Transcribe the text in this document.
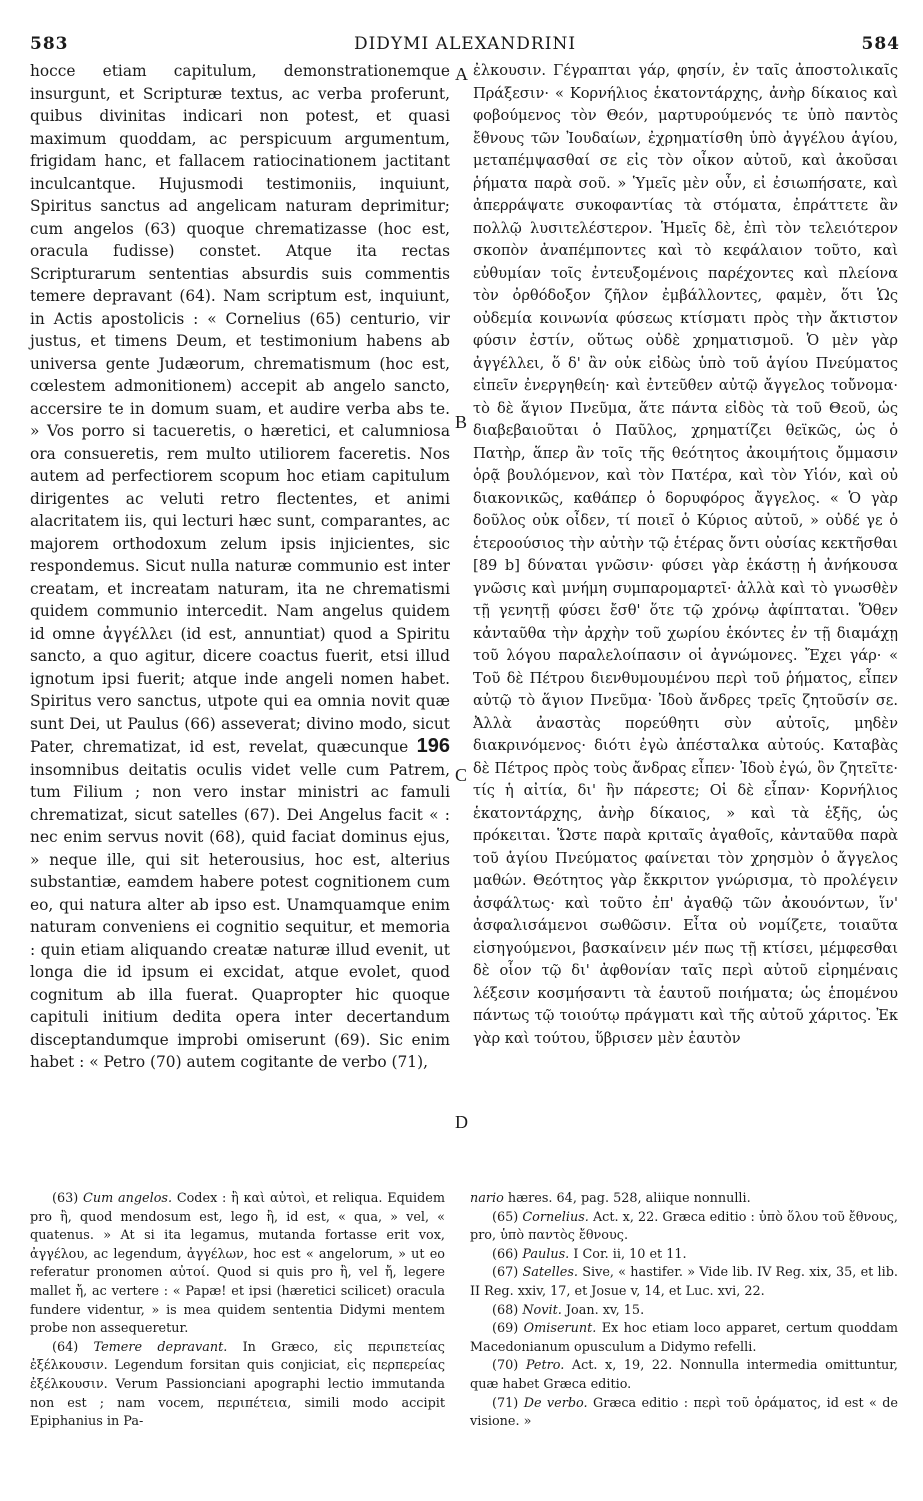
583	DIDYMI ALEXANDRINI	584

hocce etiam capitulum, demonstrationemque insurgunt, et Scripturæ textus, ac verba proferunt, quibus divinitas indicari non potest, et quasi maximum quoddam, ac perspicuum argumentum, frigidam hanc, et fallacem ratiocinationem jactitant inculcantque. Hujusmodi testimoniis, inquiunt, Spiritus sanctus ad angelicam naturam deprimitur; cum angelos (63) quoque chrematizasse (hoc est, oracula fudisse) constet. Atque ita rectas Scripturarum sententias absurdis suis commentis temere depravant (64). Nam scriptum est, inquiunt, in Actis apostolicis : « Cornelius (65) centurio, vir justus, et timens Deum, et testimonium habens ab universa gente Judæorum, chrematismum (hoc est, cœlestem admonitionem) accepit ab angelo sancto, accersire te in domum suam, et audire verba abs te. » Vos porro si tacueretis, o hæretici, et calumniosa ora consueretis, rem multo utiliorem faceretis. Nos autem ad perfectiorem scopum hoc etiam capitulum dirigentes ac veluti retro flectentes, et animi alacritatem iis, qui lecturi hæc sunt, comparantes, ac majorem orthodoxum zelum ipsis injicientes, sic respondemus. Sicut nulla naturæ communio est inter creatam, et increatam naturam, ita ne chrematismi quidem communio intercedit. Nam angelus quidem id omne ἀγγέλλει (id est, annuntiat) quod a Spiritu sancto, a quo agitur, dicere coactus fuerit, etsi illud ignotum ipsi fuerit; atque inde angeli nomen habet. Spiritus vero sanctus, utpote qui ea omnia novit quæ sunt Dei, ut Paulus (66) asseverat; divino modo, sicut Pater, chrematizat, id est, revelat, quæcunque 196 insomnibus deitatis oculis videt velle cum Patrem, tum Filium ; non vero instar ministri ac famuli chrematizat, sicut satelles (67). Dei Angelus facit « : nec enim servus novit (68), quid faciat dominus ejus, » neque ille, qui sit heterousius, hoc est, alterius substantiæ, eamdem habere potest cognitionem cum eo, qui natura alter ab ipso est. Unamquamque enim naturam conveniens ei cognitio sequitur, et memoria : quin etiam aliquando creatæ naturæ illud evenit, ut longa die id ipsum ei excidat, atque evolet, quod cognitum ab illa fuerat. Quapropter hic quoque capituli initium dedita opera inter decertandum disceptandumque improbi omiserunt (69). Sic enim habet : « Petro (70) autem cogitante de verbo (71),

A
B
C
D

ἐλκουσιν. Γέγραπται γάρ, φησίν, ἐν ταῖς ἀποστολικαῖς Πράξεσιν· « Κορνήλιος ἑκατοντάρχης, ἀνὴρ δίκαιος καὶ φοβούμενος τὸν Θεόν, μαρτυρούμενός τε ὑπὸ παντὸς ἔθνους τῶν Ἰουδαίων, ἐχρηματίσθη ὑπὸ ἀγγέλου ἁγίου, μεταπέμψασθαί σε εἰς τὸν οἶκον αὐτοῦ, καὶ ἀκοῦσαι ῥήματα παρὰ σοῦ. » Ὑμεῖς μὲν οὖν, εἰ ἐσιωπήσατε, καὶ ἀπερράψατε συκοφαντίας τὰ στόματα, ἐπράττετε ἂν πολλῷ λυσιτελέστερον. Ἡμεῖς δὲ, ἐπὶ τὸν τελειότερον σκοπὸν ἀναπέμποντες καὶ τὸ κεφάλαιον τοῦτο, καὶ εὐθυμίαν τοῖς ἐντευξομένοις παρέχοντες καὶ πλείονα τὸν ὀρθόδοξον ζῆλον ἐμβάλλοντες, φαμὲν, ὅτι Ὡς οὐδεμία κοινωνία φύσεως κτίσματι πρὸς τὴν ἄκτιστον φύσιν ἐστίν, οὕτως οὐδὲ χρηματισμοῦ. Ὁ μὲν γὰρ ἀγγέλλει, ὅ δ' ἂν οὐκ εἰδὼς ὑπὸ τοῦ ἁγίου Πνεύματος εἰπεῖν ἐνεργηθείη· καὶ ἐντεῦθεν αὐτῷ ἄγγελος τοὔνομα· τὸ δὲ ἅγιον Πνεῦμα, ἅτε πάντα εἰδὸς τὰ τοῦ Θεοῦ, ὡς διαβεβαιοῦται ὁ Παῦλος, χρηματίζει θεϊκῶς, ὡς ὁ Πατὴρ, ἅπερ ἂν τοῖς τῆς θεότητος ἀκοιμήτοις ὄμμασιν ὁρᾷ βουλόμενον, καὶ τὸν Πατέρα, καὶ τὸν Υἱόν, καὶ οὐ διακονικῶς, καθάπερ ὁ δορυφόρος ἄγγελος. « Ὁ γὰρ δοῦλος οὐκ οἶδεν, τί ποιεῖ ὁ Κύριος αὐτοῦ, » οὐδέ γε ὁ ἑτεροούσιος τὴν αὐτὴν τῷ ἑτέρας ὄντι οὐσίας κεκτῆσθαι [89 b] δύναται γνῶσιν· φύσει γὰρ ἑκάστῃ ἡ ἀνήκουσα γνῶσις καὶ μνήμη συμπαρομαρτεῖ· ἀλλὰ καὶ τὸ γνωσθὲν τῇ γενητῇ φύσει ἔσθ' ὅτε τῷ χρόνῳ ἀφίπταται. Ὅθεν κἀνταῦθα τὴν ἀρχὴν τοῦ χωρίου ἑκόντες ἐν τῇ διαμάχῃ τοῦ λόγου παραλελοίπασιν οἱ ἀγνώμονες. Ἔχει γάρ· « Τοῦ δὲ Πέτρου διενθυμουμένου περὶ τοῦ ῥήματος, εἶπεν αὐτῷ τὸ ἅγιον Πνεῦμα· Ἰδοὺ ἄνδρες τρεῖς ζητοῦσίν σε. Ἀλλὰ ἀναστὰς πορεύθητι σὺν αὐτοῖς, μηδὲν διακρινόμενος· διότι ἐγὼ ἀπέσταλκα αὐτούς. Καταβὰς δὲ Πέτρος πρὸς τοὺς ἄνδρας εἶπεν· Ἰδοὺ ἐγώ, ὃν ζητεῖτε· τίς ἡ αἰτία, δι' ἣν πάρεστε; Οἱ δὲ εἶπαν· Κορνήλιος ἑκατοντάρχης, ἀνὴρ δίκαιος, » καὶ τὰ ἑξῆς, ὡς πρόκειται. Ὥστε παρὰ κριταῖς ἀγαθοῖς, κἀνταῦθα παρὰ τοῦ ἁγίου Πνεύματος φαίνεται τὸν χρησμὸν ὁ ἄγγελος μαθών. Θεότητος γὰρ ἔκκριτον γνώρισμα, τὸ προλέγειν ἀσφάλτως· καὶ τοῦτο ἐπ' ἀγαθῷ τῶν ἀκουόντων, ἵν' ἀσφαλισάμενοι σωθῶσιν. Εἶτα οὐ νομίζετε, τοιαῦτα εἰσηγούμενοι, βασκαίνειν μέν πως τῇ κτίσει, μέμφεσθαι δὲ οἷον τῷ δι' ἀφθονίαν ταῖς περὶ αὐτοῦ εἰρημέναις λέξεσιν κοσμήσαντι τὰ ἑαυτοῦ ποιήματα; ὡς ἑπομένου πάντως τῷ τοιούτῳ πράγματι καὶ τῆς αὐτοῦ χάριτος. Ἐκ γὰρ καὶ τούτου, ὕβρισεν μὲν ἑαυτὸν

(63) Cum angelos. Codex : ἢ καὶ αὐτοὶ, et reliqua. Equidem pro ἢ, quod mendosum est, lego ἢ, id est, « qua, » vel, « quatenus. » At si ita legamus, mutanda fortasse erit vox, ἀγγέλου, ac legendum, ἀγγέλων, hoc est « angelorum, » ut eo referatur pronomen αὐτοί. Quod si quis pro ἢ, vel ἤ, legere mallet ἤ, ac vertere : « Papæ! et ipsi (hæretici scilicet) oracula fundere videntur, » is mea quidem sententia Didymi mentem probe non assequeretur.

(64) Temere depravant. In Græco, εἰς περιπετείας ἐξέλκουσιν. Legendum forsitan quis conjiciat, εἰς περπερείας ἐξέλκουσιν. Verum Passionciani apographi lectio immutanda non est ; nam vocem, περιπέτεια, simili modo accipit Epiphanius in Pa-

nario hæres. 64, pag. 528, aliique nonnulli.

(65) Cornelius. Act. x, 22. Græca editio : ὑπὸ ὅλου τοῦ ἔθνους, pro, ὑπὸ παντὸς ἔθνους.

(66) Paulus. I Cor. ii, 10 et 11.

(67) Satelles. Sive, « hastifer. » Vide lib. IV Reg. xix, 35, et lib. II Reg. xxiv, 17, et Josue v, 14, et Luc. xvi, 22.

(68) Novit. Joan. xv, 15.

(69) Omiserunt. Ex hoc etiam loco apparet, certum quoddam Macedonianum opusculum a Didymo refelli.

(70) Petro. Act. x, 19, 22. Nonnulla intermedia omittuntur, quæ habet Græca editio.

(71) De verbo. Græca editio : περὶ τοῦ ὁράματος, id est « de visione. »
